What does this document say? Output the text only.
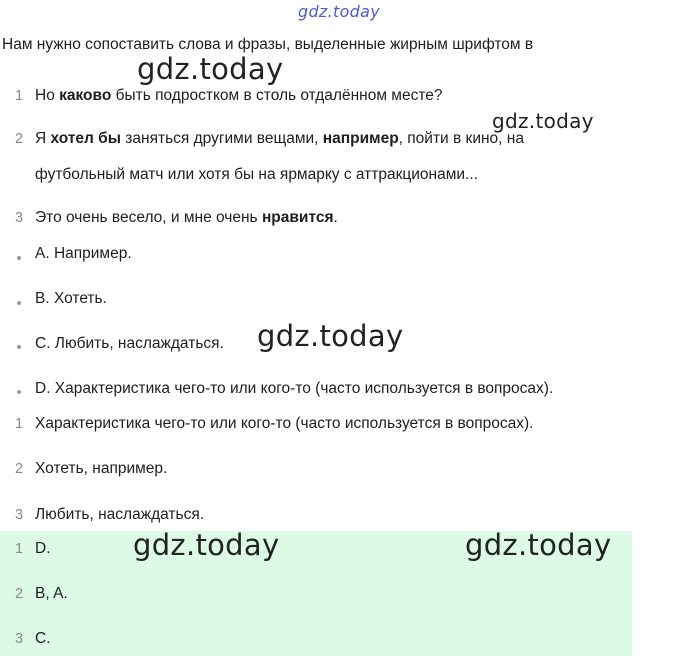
gdz.today
gdz.today
gdz.today
gdz.today
gdz.today	gdz.today
Нам нужно сопоставить слова и фразы, выделенные жирным шрифтом в
1 Но каково быть подростком в столь отдалённом месте?
2 Я хотел бы заняться другими вещами, например, пойти в кино, на
футбольный матч или хотя бы на ярмарку с аттракционами...
3 Это очень весело, и мне очень нравится.
A. Например.
B. Хотеть.
C. Любить, наслаждаться.
D. Характеристика чего-то или кого-то (часто используется в вопросах).
1 Характеристика чего-то или кого-то (часто используется в вопросах).
2 Хотеть, например.
3 Любить, наслаждаться.
1 D.
2 B, A.
3 C.
